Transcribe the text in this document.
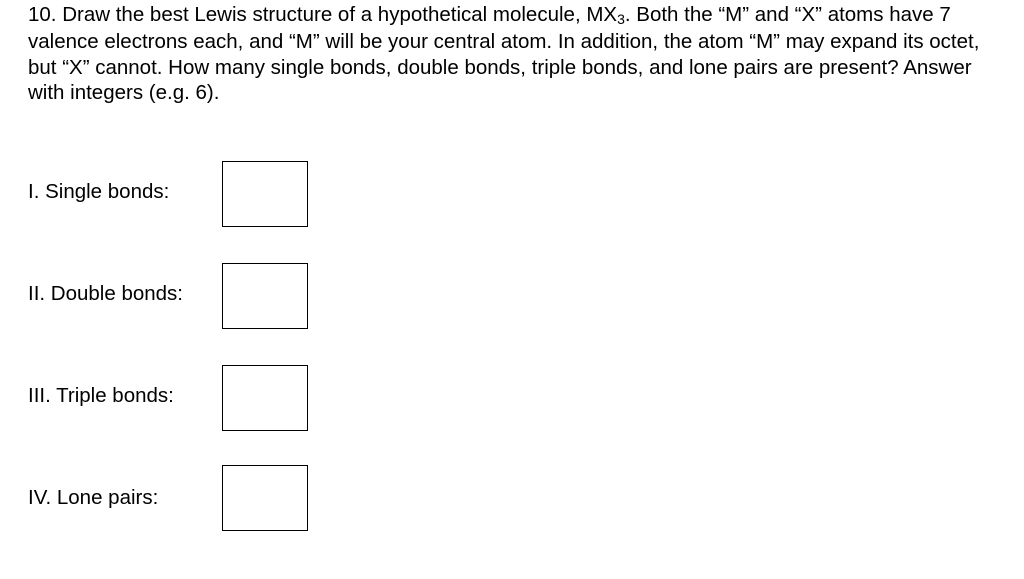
10. Draw the best Lewis structure of a hypothetical molecule, MX3. Both the “M” and “X” atoms have 7 valence electrons each, and “M” will be your central atom. In addition, the atom “M” may expand its octet, but “X” cannot. How many single bonds, double bonds, triple bonds, and lone pairs are present? Answer with integers (e.g. 6).

I. Single bonds:
II. Double bonds:
III. Triple bonds:
IV. Lone pairs:
